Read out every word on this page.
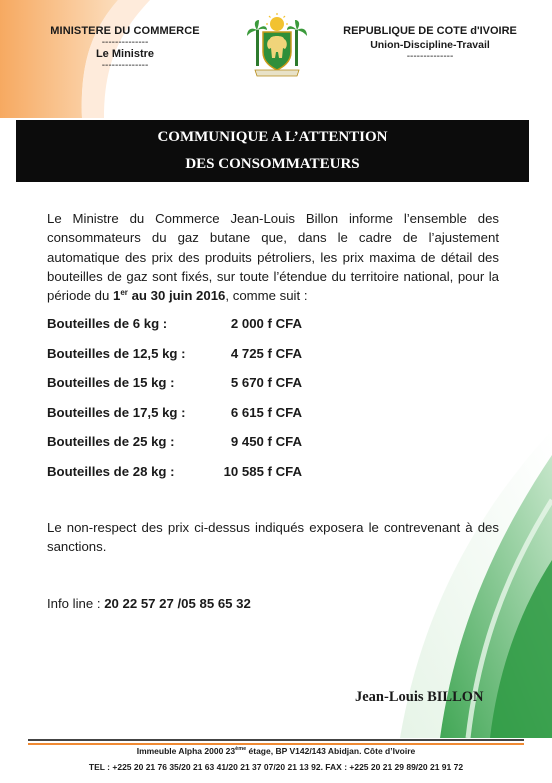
MINISTERE DU COMMERCE
--------------
Le Ministre
--------------
REPUBLIQUE DE COTE d'IVOIRE
Union-Discipline-Travail
--------------
COMMUNIQUE A L’ATTENTION
DES CONSOMMATEURS
Le Ministre du Commerce Jean-Louis Billon informe l’ensemble des consommateurs du gaz butane que, dans le cadre de l’ajustement automatique des prix des produits pétroliers, les prix maxima de détail des bouteilles de gaz sont fixés, sur toute l’étendue du territoire national, pour la période du 1er au 30 juin 2016, comme suit :
Bouteilles de 6 kg :	2 000 f CFA
Bouteilles de 12,5 kg :	4 725 f CFA
Bouteilles de 15 kg :	5 670 f CFA
Bouteilles de 17,5 kg :	6 615 f CFA
Bouteilles de 25 kg :	9 450 f CFA
Bouteilles de 28 kg :	10 585 f CFA
Le non-respect des prix ci-dessus indiqués exposera le contrevenant à des sanctions.
Info line : 20 22 57 27 /05 85 65 32
Jean-Louis BILLON
Immeuble Alpha 2000 23ème étage, BP V142/143 Abidjan. Côte d’Ivoire
TEL : +225 20 21 76 35/20 21 63 41/20 21 37 07/20 21 13 92. FAX : +225 20 21 29 89/20 21 91 72
